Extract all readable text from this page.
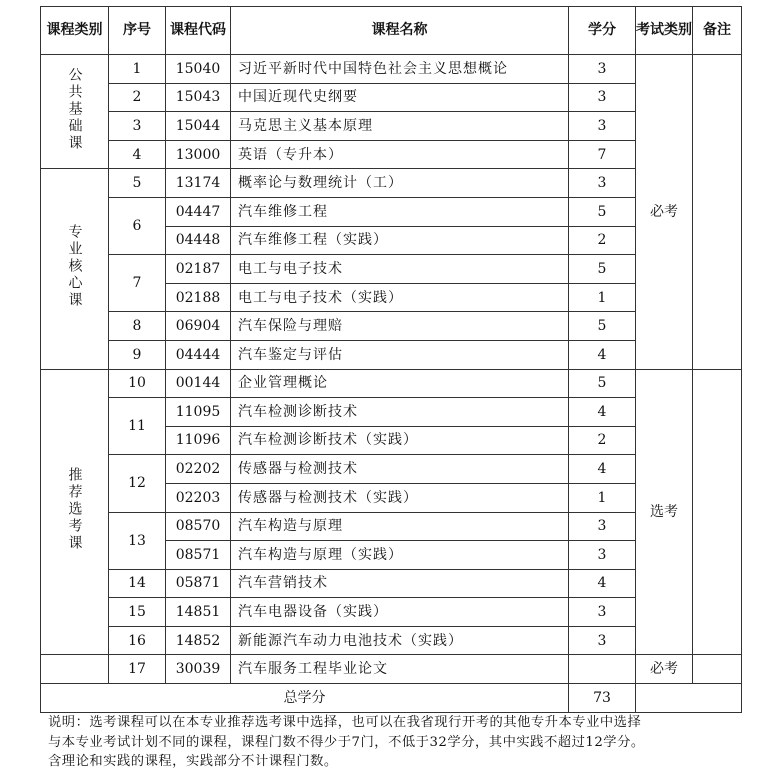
课程类别	序号	课程代码	课程名称	学分	考试类别	备注
公共基础课	1	15040	习近平新时代中国特色社会主义思想概论	3	必考	
	2	15043	中国近现代史纲要	3		
	3	15044	马克思主义基本原理	3		
	4	13000	英语（专升本）	7		
专业核心课	5	13174	概率论与数理统计（工）	3		
	6	04447	汽车维修工程	5		
		04448	汽车维修工程（实践）	2		
	7	02187	电工与电子技术	5		
		02188	电工与电子技术（实践）	1		
	8	06904	汽车保险与理赔	5		
	9	04444	汽车鉴定与评估	4		
推荐选考课	10	00144	企业管理概论	5	选考	
	11	11095	汽车检测诊断技术	4		
		11096	汽车检测诊断技术（实践）	2		
	12	02202	传感器与检测技术	4		
		02203	传感器与检测技术（实践）	1		
	13	08570	汽车构造与原理	3		
		08571	汽车构造与原理（实践）	3		
	14	05871	汽车营销技术	4		
	15	14851	汽车电器设备（实践）	3		
	16	14852	新能源汽车动力电池技术（实践）	3		
	17	30039	汽车服务工程毕业论文		必考	
总学分				73		
说明：选考课程可以在本专业推荐选考课中选择，也可以在我省现行开考的其他专升本专业中选择
与本专业考试计划不同的课程，课程门数不得少于7门，不低于32学分，其中实践不超过12学分。
含理论和实践的课程，实践部分不计课程门数。
